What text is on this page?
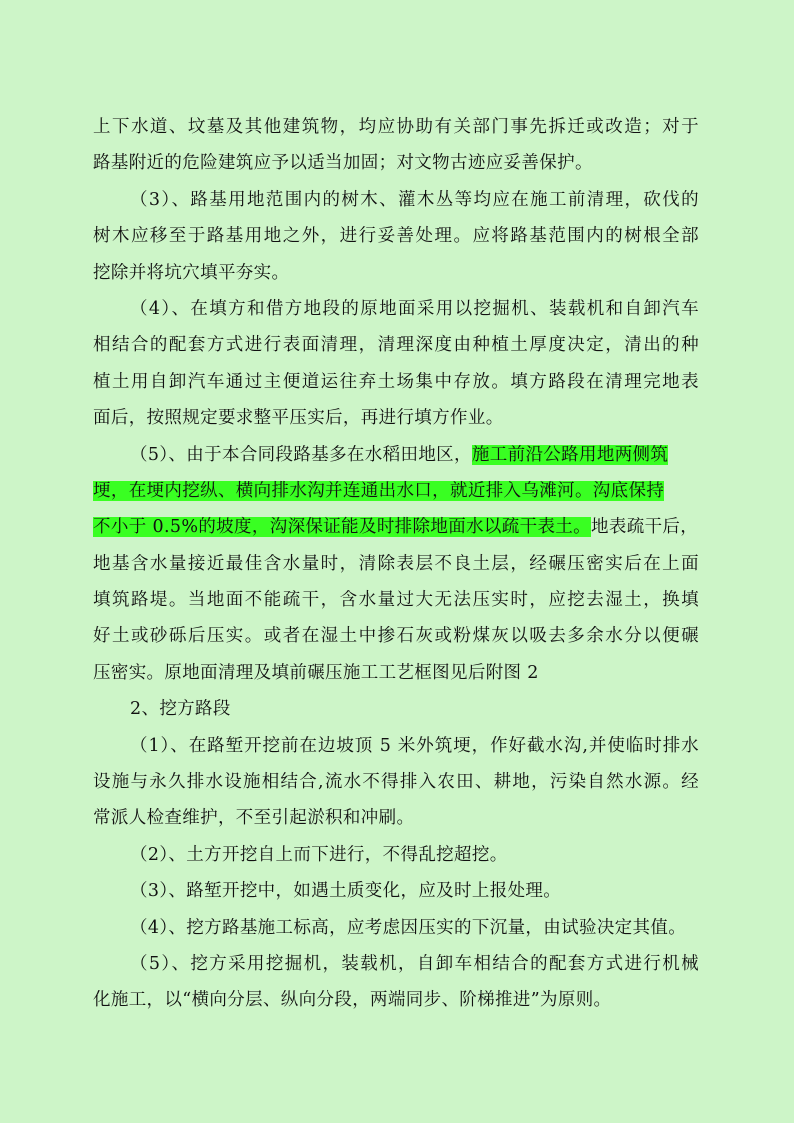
上下水道、坟墓及其他建筑物，均应协助有关部门事先拆迁或改造；对于
路基附近的危险建筑应予以适当加固；对文物古迹应妥善保护。
（3）、路基用地范围内的树木、灌木丛等均应在施工前清理，砍伐的
树木应移至于路基用地之外，进行妥善处理。应将路基范围内的树根全部
挖除并将坑穴填平夯实。
（4）、在填方和借方地段的原地面采用以挖掘机、装载机和自卸汽车
相结合的配套方式进行表面清理，清理深度由种植土厚度决定，清出的种
植土用自卸汽车通过主便道运往弃土场集中存放。填方路段在清理完地表
面后，按照规定要求整平压实后，再进行填方作业。
（5）、由于本合同段路基多在水稻田地区，施工前沿公路用地两侧筑
埂，在埂内挖纵、横向排水沟并连通出水口，就近排入乌滩河。沟底保持
不小于 0.5%的坡度，沟深保证能及时排除地面水以疏干表土。地表疏干后，
地基含水量接近最佳含水量时，清除表层不良土层，经碾压密实后在上面
填筑路堤。当地面不能疏干，含水量过大无法压实时，应挖去湿土，换填
好土或砂砾后压实。或者在湿土中掺石灰或粉煤灰以吸去多余水分以便碾
压密实。原地面清理及填前碾压施工工艺框图见后附图 2
2、挖方路段
（1）、在路堑开挖前在边坡顶 5 米外筑埂，作好截水沟,并使临时排水
设施与永久排水设施相结合,流水不得排入农田、耕地，污染自然水源。经
常派人检查维护，不至引起淤积和冲刷。
（2）、土方开挖自上而下进行，不得乱挖超挖。
（3）、路堑开挖中，如遇土质变化，应及时上报处理。
（4）、挖方路基施工标高，应考虑因压实的下沉量，由试验决定其值。
（5）、挖方采用挖掘机，装载机，自卸车相结合的配套方式进行机械
化施工，以“横向分层、纵向分段，两端同步、阶梯推进”为原则。
